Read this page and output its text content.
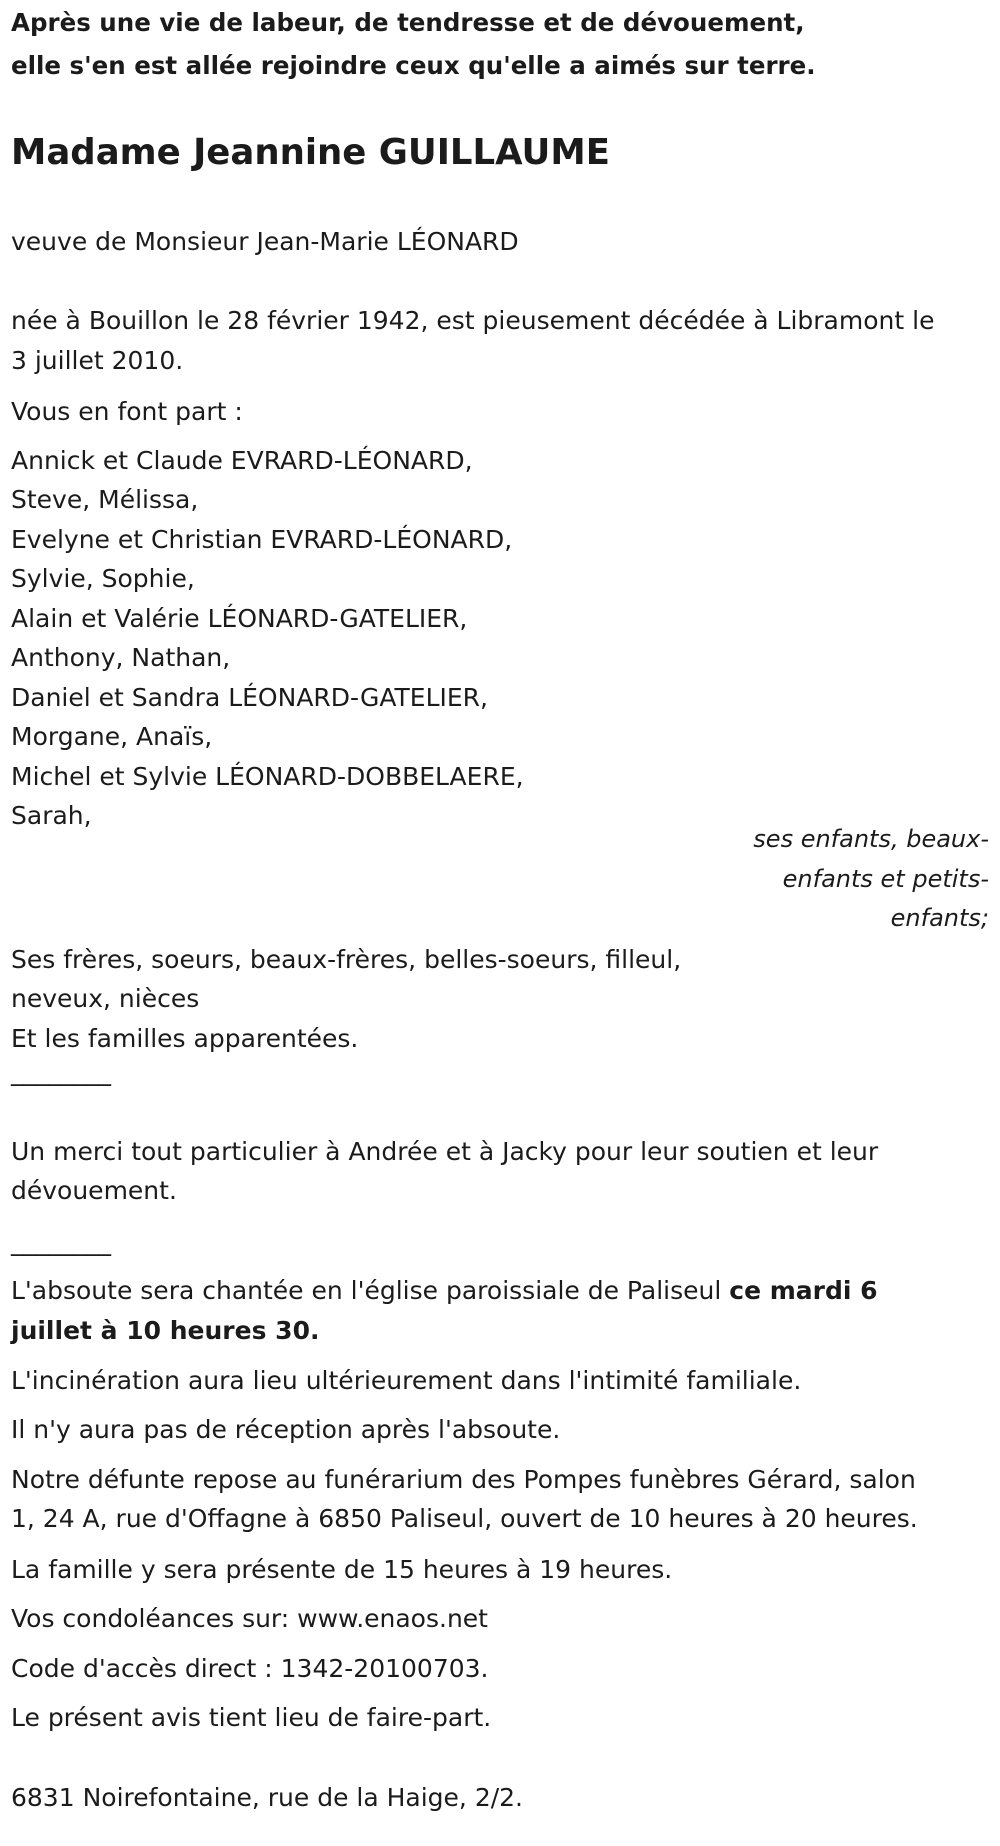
Après une vie de labeur, de tendresse et de dévouement,
elle s'en est allée rejoindre ceux qu'elle a aimés sur terre.
Madame Jeannine GUILLAUME
veuve de Monsieur Jean-Marie LÉONARD
née à Bouillon le 28 février 1942, est pieusement décédée à Libramont le
3 juillet 2010.
Vous en font part :
Annick et Claude EVRARD-LÉONARD,
Steve, Mélissa,
Evelyne et Christian EVRARD-LÉONARD,
Sylvie, Sophie,
Alain et Valérie LÉONARD-GATELIER,
Anthony, Nathan,
Daniel et Sandra LÉONARD-GATELIER,
Morgane, Anaïs,
Michel et Sylvie LÉONARD-DOBBELAERE,
Sarah,
ses enfants, beaux-
enfants et petits-
enfants;
Ses frères, soeurs, beaux-frères, belles-soeurs, filleul,
neveux, nièces
Et les familles apparentées.
________
Un merci tout particulier à Andrée et à Jacky pour leur soutien et leur
dévouement.
________
L'absoute sera chantée en l'église paroissiale de Paliseul ce mardi 6
juillet à 10 heures 30.
L'incinération aura lieu ultérieurement dans l'intimité familiale.
Il n'y aura pas de réception après l'absoute.
Notre défunte repose au funérarium des Pompes funèbres Gérard, salon
1, 24 A, rue d'Offagne à 6850 Paliseul, ouvert de 10 heures à 20 heures.
La famille y sera présente de 15 heures à 19 heures.
Vos condoléances sur: www.enaos.net
Code d'accès direct : 1342-20100703.
Le présent avis tient lieu de faire-part.
6831 Noirefontaine, rue de la Haige, 2/2.
